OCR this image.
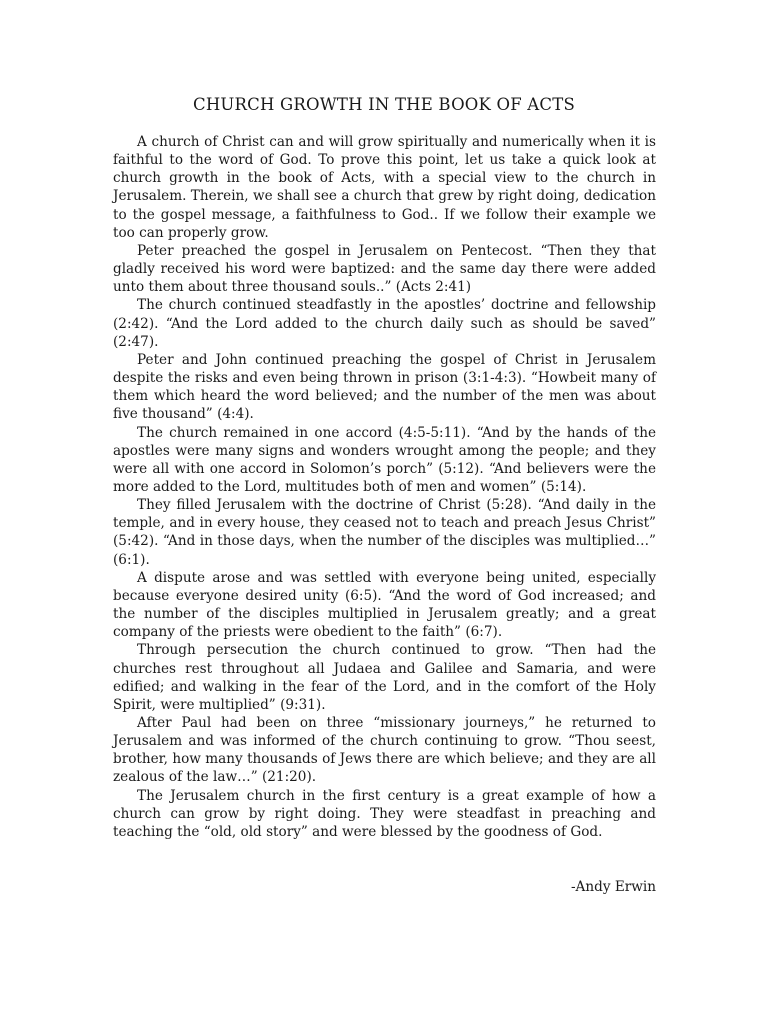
CHURCH GROWTH IN THE BOOK OF ACTS

A church of Christ can and will grow spiritually and numerically when it is faithful to the word of God. To prove this point, let us take a quick look at church growth in the book of Acts, with a special view to the church in Jerusalem. Therein, we shall see a church that grew by right doing, dedication to the gospel message, a faithfulness to God.. If we follow their example we too can properly grow.

Peter preached the gospel in Jerusalem on Pentecost. “Then they that gladly received his word were baptized: and the same day there were added unto them about three thousand souls..” (Acts 2:41)

The church continued steadfastly in the apostles’ doctrine and fellowship (2:42). “And the Lord added to the church daily such as should be saved” (2:47).

Peter and John continued preaching the gospel of Christ in Jerusalem despite the risks and even being thrown in prison (3:1-4:3). “Howbeit many of them which heard the word believed; and the number of the men was about five thousand” (4:4).

The church remained in one accord (4:5-5:11). “And by the hands of the apostles were many signs and wonders wrought among the people; and they were all with one accord in Solomon’s porch” (5:12). “And believers were the more added to the Lord, multitudes both of men and women” (5:14).

They filled Jerusalem with the doctrine of Christ (5:28). “And daily in the temple, and in every house, they ceased not to teach and preach Jesus Christ” (5:42). “And in those days, when the number of the disciples was multiplied…” (6:1).

A dispute arose and was settled with everyone being united, especially because everyone desired unity (6:5). “And the word of God increased; and the number of the disciples multiplied in Jerusalem greatly; and a great company of the priests were obedient to the faith” (6:7).

Through persecution the church continued to grow. “Then had the churches rest throughout all Judaea and Galilee and Samaria, and were edified; and walking in the fear of the Lord, and in the comfort of the Holy Spirit, were multiplied” (9:31).

After Paul had been on three “missionary journeys,” he returned to Jerusalem and was informed of the church continuing to grow. “Thou seest, brother, how many thousands of Jews there are which believe; and they are all zealous of the law…” (21:20).

The Jerusalem church in the first century is a great example of how a church can grow by right doing. They were steadfast in preaching and teaching the “old, old story” and were blessed by the goodness of God.

-Andy Erwin
